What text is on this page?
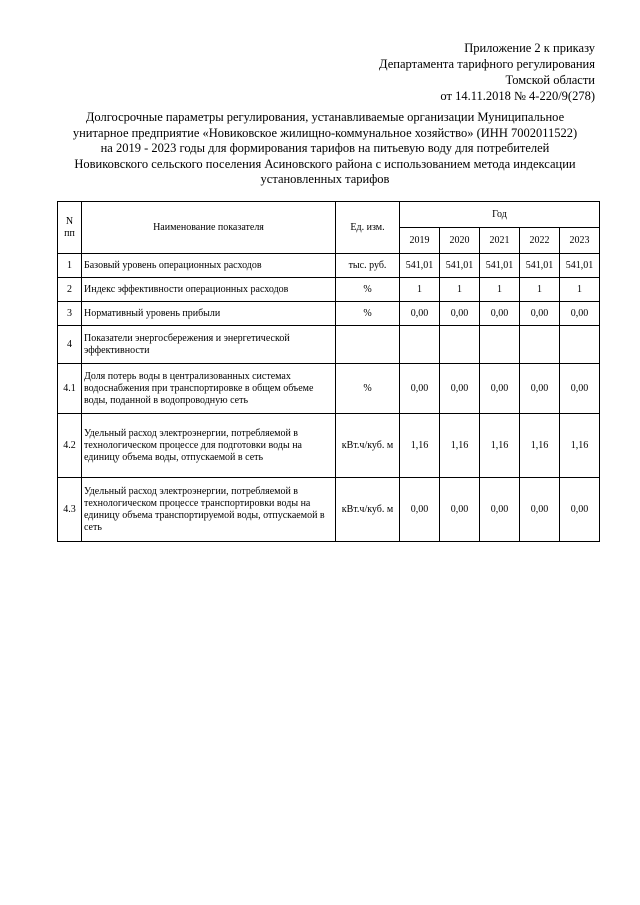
Приложение 2 к приказу
Департамента тарифного регулирования
Томской области
от 14.11.2018 № 4-220/9(278)
Долгосрочные параметры регулирования, устанавливаемые организации Муниципальное
унитарное предприятие «Новиковское жилищно-коммунальное хозяйство» (ИНН 7002011522)
на 2019 - 2023 годы для формирования тарифов на питьевую воду для потребителей
Новиковского сельского поселения Асиновского района с использованием метода индексации
установленных тарифов
N пп	Наименование показателя	Ед. изм.	Год				
			2019	2020	2021	2022	2023
1	Базовый уровень операционных расходов	тыс. руб.	541,01	541,01	541,01	541,01	541,01
2	Индекс эффективности операционных расходов	%	1	1	1	1	1
3	Нормативный уровень прибыли	%	0,00	0,00	0,00	0,00	0,00
4	Показатели энергосбережения и энергетической эффективности						
4.1	Доля потерь воды в централизованных системах водоснабжения при транспортировке в общем объеме воды, поданной в водопроводную сеть	%	0,00	0,00	0,00	0,00	0,00
4.2	Удельный расход электроэнергии, потребляемой в технологическом процессе для подготовки воды на единицу объема воды, отпускаемой в сеть	кВт.ч/куб. м	1,16	1,16	1,16	1,16	1,16
4.3	Удельный расход электроэнергии, потребляемой в технологическом процессе транспортировки воды на единицу объема транспортируемой воды, отпускаемой в сеть	кВт.ч/куб. м	0,00	0,00	0,00	0,00	0,00
